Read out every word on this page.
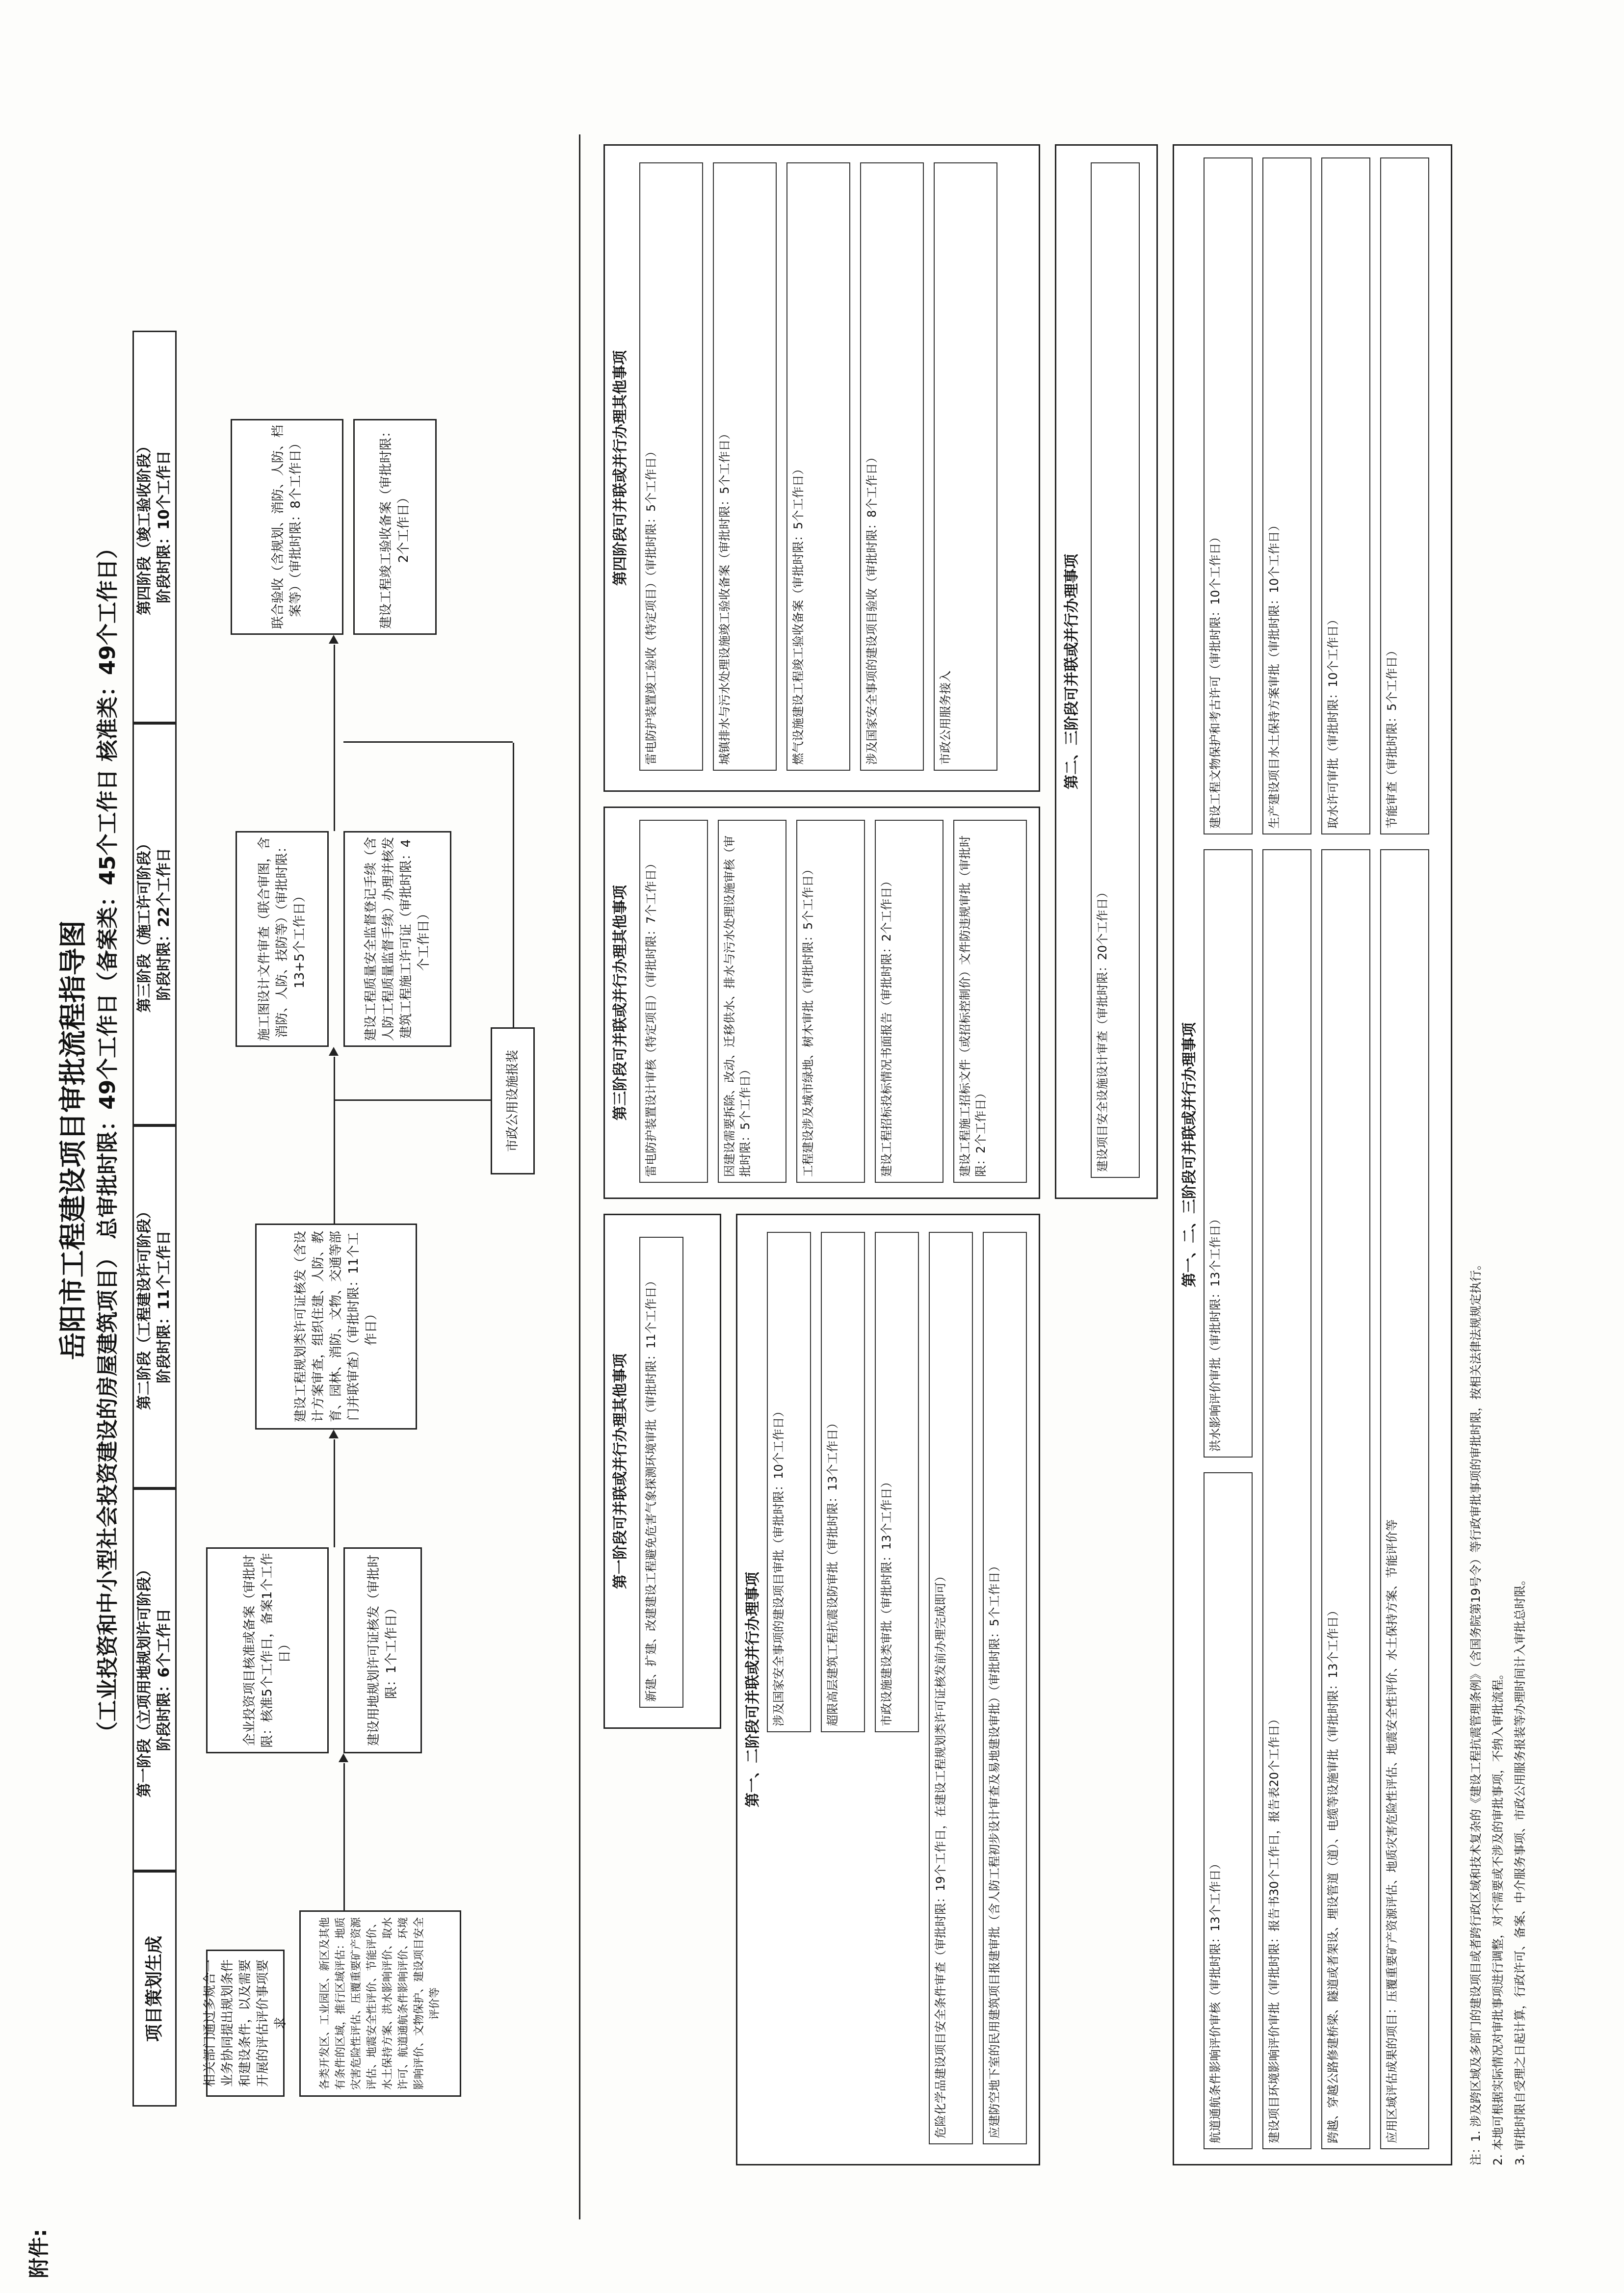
附件:
岳阳市工程建设项目审批流程指导图 （工业投资和中小型社会投资建设的房屋建筑项目） 总审批时限：49个工作日（备案类：45个工作日 核准类：49个工作日）
项目策划生成
第一阶段（立项用地规划许可阶段） 阶段时限：6个工作日
第二阶段（工程建设许可阶段） 阶段时限：11个工作日
第三阶段（施工许可阶段） 阶段时限：22个工作日
第四阶段（竣工验收阶段） 阶段时限：10个工作日
相关部门通过多规合一业务协同提出规划条件和建设条件，以及需要开展的评估评价事项要求	各类开发区、工业园区、新区及其他有条件的区域，推行区域评估：地质灾害危险性评估、压覆重要矿产资源评估、地震安全性评价、节能评价、水土保持方案、洪水影响评价、取水许可、航道通航条件影响评价、环境影响评价、文物保护、建设项目安全评价等
企业投资项目核准或备案（审批时限：核准5个工作日，备案1个工作日）	建设用地规划许可证核发（审批时限：1个工作日）
建设工程规划类许可证核发（含设计方案审查，组织住建、人防、教育、园林、消防、文物、交通等部门并联审查）（审批时限：11个工作日）
施工图设计文件审查（联合审图，含消防、人防、技防等）（审批时限：13+5个工作日）	建设工程质量安全监督登记手续（含人防工程质量监督手续）办理并核发建筑工程施工许可证（审批时限：4个工作日）
市政公用设施报装
联合验收（含规划、消防、人防、档案等）（审批时限：8个工作日）	建设工程竣工验收备案（审批时限：2个工作日）
第一阶段可并联或并行办理其他事项	新建、扩建、改建建设工程避免危害气象探测环境审批（审批时限：11个工作日）	第一、二阶段可并联或并行办理事项 涉及国家安全事项的建设项目审批（审批时限：10个工作日）	超限高层建筑工程抗震设防审批（审批时限：13个工作日）	市政设施建设类审批（审批时限：13个工作日）	危险化学品建设项目安全条件审查（审批时限：19个工作日，在建设工程规划类许可证核发前办理完成即可）	应建防空地下室的民用建筑项目报建审批（含人防工程初步设计审查及易地建设审批）（审批时限：5个工作日）
第三阶段可并联或并行办理其他事项	雷电防护装置设计审核（特定项目）（审批时限：7个工作日）	因建设需要拆除、改动、迁移供水、排水与污水处理设施审核（审批时限：5个工作日）	工程建设涉及城市绿地、树木审批（审批时限：5个工作日）	建设工程招标投标情况书面报告（审批时限：2个工作日）	建设工程施工招标文件（或招标控制价）文件防违规审批（审批时限：2个工作日）
第四阶段可并联或并行办理其他事项	雷电防护装置竣工验收（特定项目）（审批时限：5个工作日）	城镇排水与污水处理设施竣工验收备案（审批时限：5个工作日）	燃气设施建设工程竣工验收备案（审批时限：5个工作日）	涉及国家安全事项的建设项目验收（审批时限：8个工作日）	市政公用服务接入	第二、三阶段可并联或并行办理事项
建设项目安全设施设计审查（审批时限：20个工作日）	第一、二、三阶段可并联或并行办理事项
航道通航条件影响评价审核（审批时限：13个工作日）
洪水影响评价审批（审批时限：13个工作日）
建设工程文物保护和考古许可（审批时限：10个工作日）
建设项目环境影响评价审批（审批时限：报告书30个工作日，报告表20个工作日）
生产建设项目水土保持方案审批（审批时限：10个工作日）
跨越、穿越公路修建桥梁、隧道或者架设、埋设管道（道）、电缆等设施审批（审批时限：13个工作日）
取水许可审批（审批时限：10个工作日）	节能审查（审批时限：5个工作日）
应用区域评估成果的项目：压覆重要矿产资源评估、地质灾害危险性评估、地震安全性评价、水土保持方案、节能评价等	注：1. 涉及跨区域及多部门的建设项目或者跨行政区域和技术复杂的《建设工程抗震管理条例》（含国务院第19号令）等行政审批事项的审批时限，按相关法律法规规定执行。 2. 本地可根据实际情况对审批事项进行调整，对不需要或不涉及的审批事项，不纳入审批流程。 3. 审批时限自受理之日起计算，行政许可、备案、中介服务事项、市政公用服务报装等办理时间计入审批总时限。
